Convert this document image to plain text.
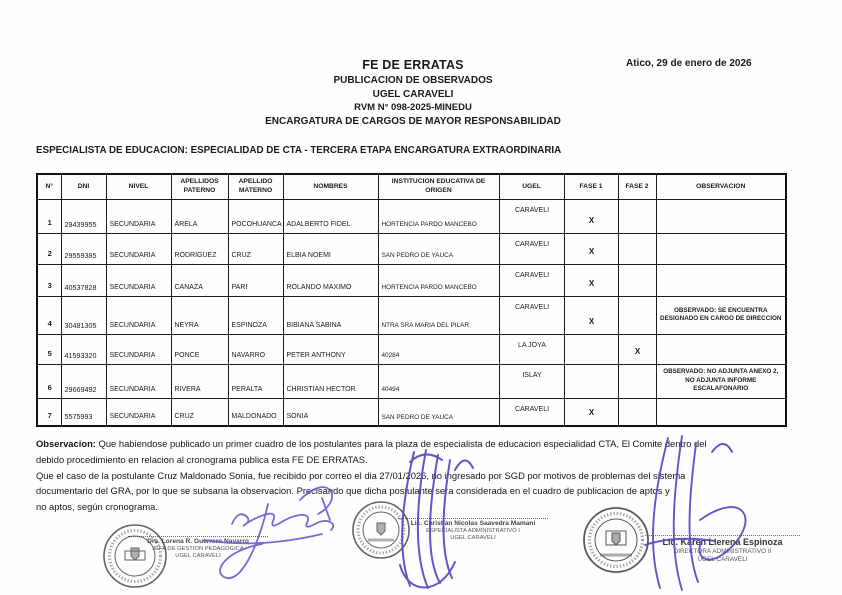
Atico, 29 de enero de 2026
FE DE ERRATAS
PUBLICACION DE OBSERVADOS
UGEL CARAVELI
RVM N° 098-2025-MINEDU
ENCARGATURA DE CARGOS DE MAYOR RESPONSABILIDAD
ESPECIALISTA DE EDUCACION: ESPECIALIDAD DE CTA - TERCERA ETAPA ENCARGATURA EXTRAORDINARIA
N°	DNI	NIVEL	APELLIDOS PATERNO	APELLIDO MATERNO	NOMBRES	INSTITUCION EDUCATIVA DE ORIGEN	UGEL	FASE 1	FASE 2	OBSERVACION
1	29439955	SECUNDARIA	ARELA	POCOHUANCA	ADALBERTO FIDEL	HORTENCIA PARDO MANCEBO	CARAVELI	X		
2	29559385	SECUNDARIA	RODRIGUEZ	CRUZ	ELBIA NOEMI	SAN PEDRO DE YAUCA	CARAVELI	X		
3	40537828	SECUNDARIA	CANAZA	PARI	ROLANDO MAXIMO	HORTENCIA PARDO MANCEBO	CARAVELI	X		
4	30481305	SECUNDARIA	NEYRA	ESPINOZA	BIBIANA SABINA	NTRA SRA MARIA DEL PILAR	CARAVELI	X		OBSERVADO: SE ENCUENTRA DESIGNADO EN CARGO DE DIRECCION
5	41593320	SECUNDARIA	PONCE	NAVARRO	PETER ANTHONY	40284	LA JOYA		X	
6	29669492	SECUNDARIA	RIVERA	PERALTA	CHRISTIAN HECTOR	40494	ISLAY			OBSERVADO: NO ADJUNTA ANEXO 2, NO ADJUNTA INFORME ESCALAFONARIO
7	5575993	SECUNDARIA	CRUZ	MALDONADO	SONIA	SAN PEDRO DE YAUCA	CARAVELI	X		
Observacion: Que habiendose publicado un primer cuadro de los postulantes para la plaza de especialista de educacion especialidad CTA, El Comite dentro del
debido procedimiento en relacion al cronograma publica esta FE DE ERRATAS.
Que el caso de la postulante Cruz Maldonado Sonia, fue recibido por correo el dia 27/01/2026, no ingresado por SGD por motivos de problemas del sistema
documentario del GRA, por lo que se subsana la observacion. Precisando que dicha postulante sera considerada en el cuadro de publicacion de aptos y
no aptos, según cronograma.
Dra. Lorena R. Guerrero Navarro
JEFA DE GESTION PEDAGOGICA
UGEL CARAVELI
Lic. Christian Nicolas Saavedra Mamani
ESPECIALISTA ADMINISTRATIVO I
UGEL CARAVELI	Lic. Karen Llerena Espinoza
DIRECTORA ADMINISTRATIVO II
UGEL CARAVELI
